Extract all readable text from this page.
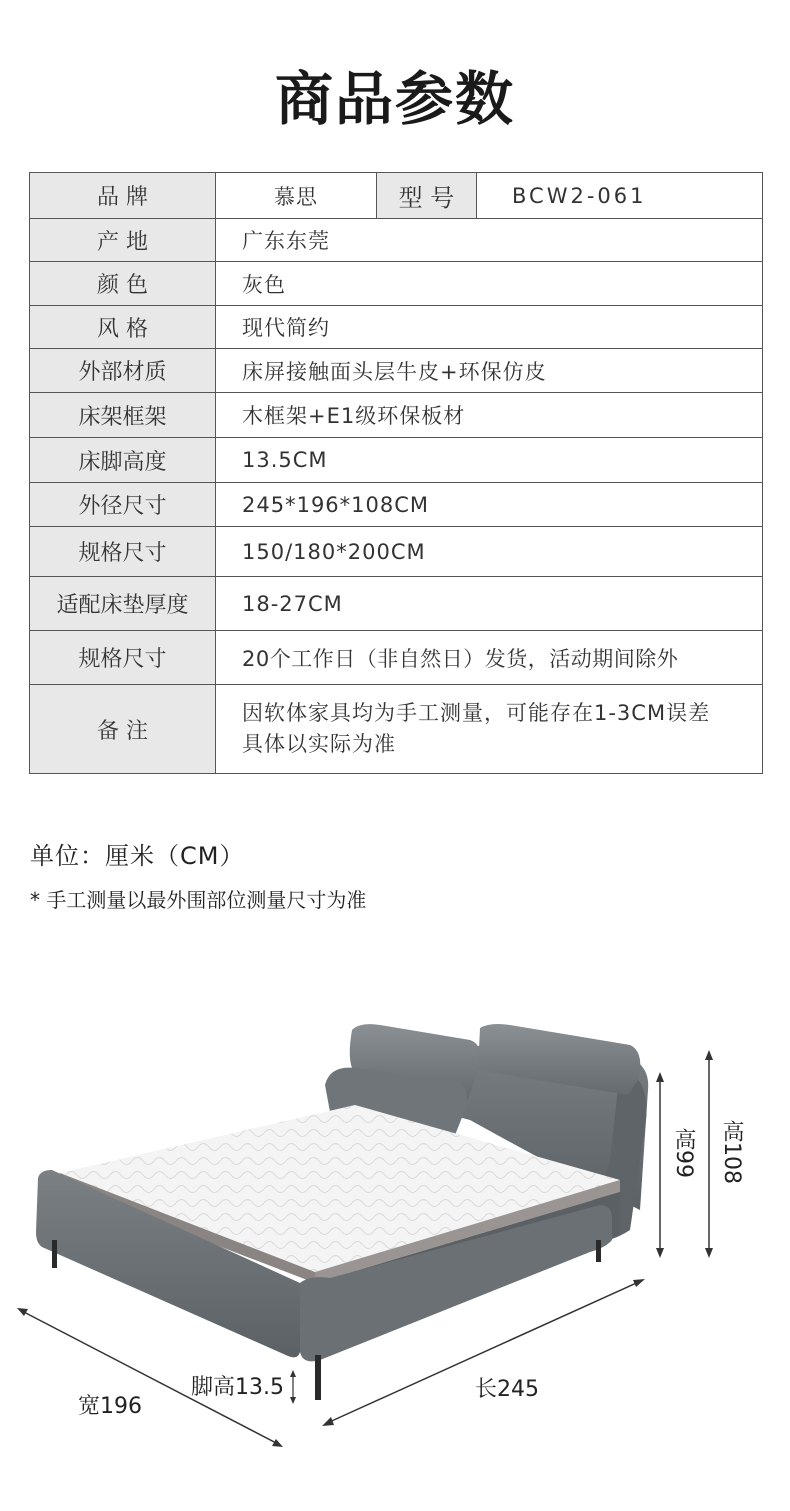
商品参数
品 牌	慕思	型 号	BCW2-061
产 地	广东东莞		
颜 色	灰色		
风 格	现代简约		
外部材质	床屏接触面头层牛皮+环保仿皮		
床架框架	木框架+E1级环保板材		
床脚高度	13.5CM		
外径尺寸	245*196*108CM		
规格尺寸	150/180*200CM		
适配床垫厚度	18-27CM		
规格尺寸	20个工作日（非自然日）发货，活动期间除外		
备 注	因软体家具均为手工测量，可能存在1-3CM误差
具体以实际为准		
单位：厘米（CM）
* 手工测量以最外围部位测量尺寸为准
高99 高108
脚高13.5	长245
宽196
